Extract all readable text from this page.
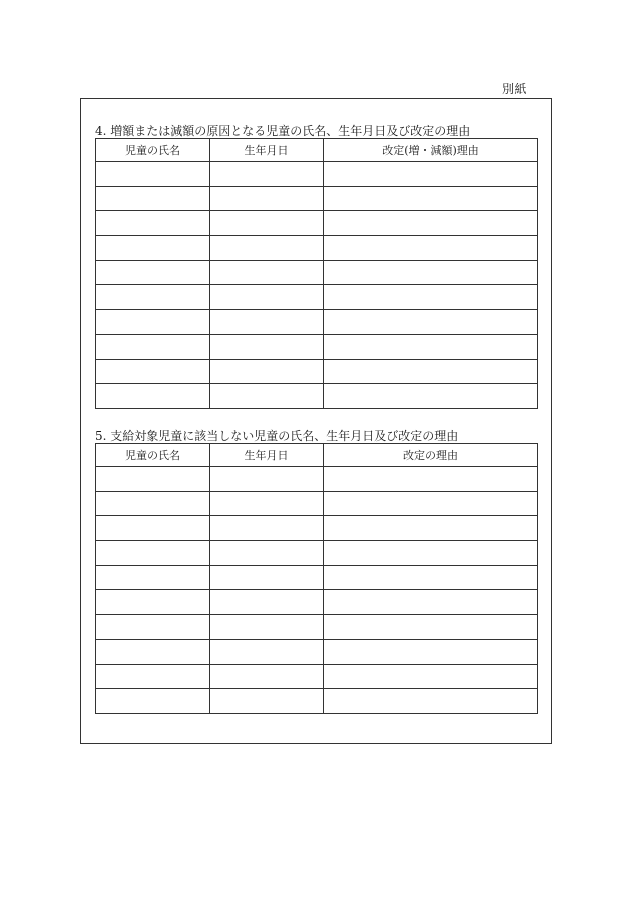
別紙
4. 増額または減額の原因となる児童の氏名、生年月日及び改定の理由
児童の氏名	生年月日	改定(増・減額)理由

5. 支給対象児童に該当しない児童の氏名、生年月日及び改定の理由
児童の氏名	生年月日	改定の理由
